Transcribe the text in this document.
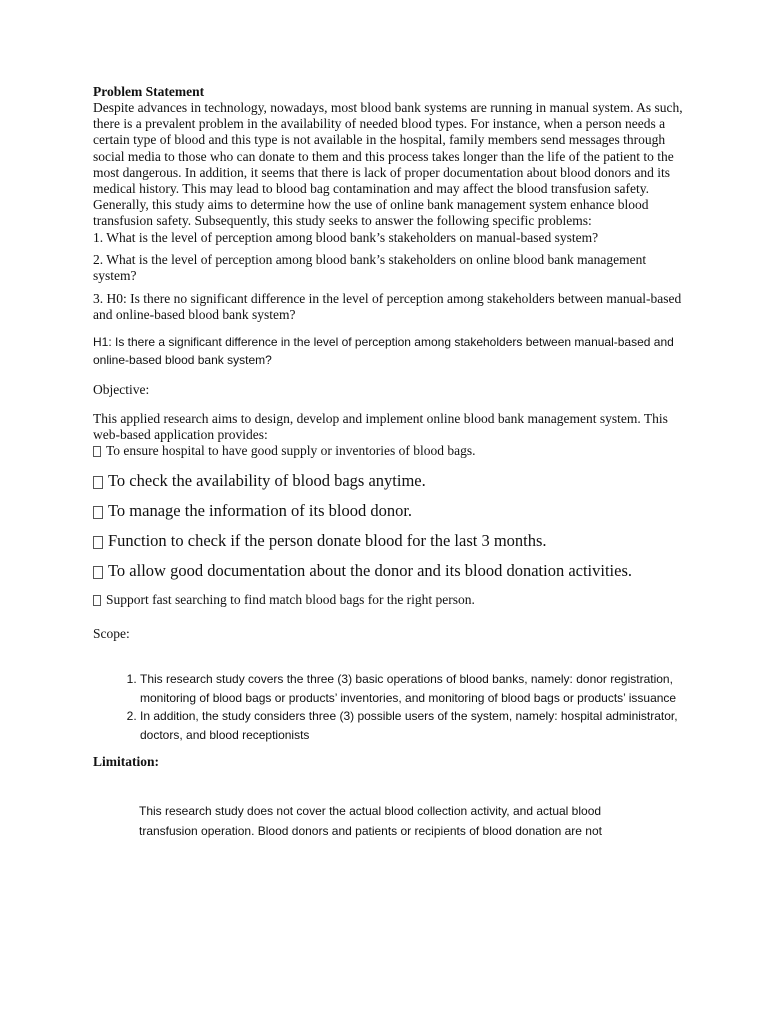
Problem Statement

Despite advances in technology, nowadays, most blood bank systems are running in manual system. As such, there is a prevalent problem in the availability of needed blood types. For instance, when a person needs a certain type of blood and this type is not available in the hospital, family members send messages through social media to those who can donate to them and this process takes longer than the life of the patient to the most dangerous. In addition, it seems that there is lack of proper documentation about blood donors and its medical history. This may lead to blood bag contamination and may affect the blood transfusion safety. Generally, this study aims to determine how the use of online bank management system enhance blood transfusion safety. Subsequently, this study seeks to answer the following specific problems:

1. What is the level of perception among blood bank’s stakeholders on manual-based system?

2. What is the level of perception among blood bank’s stakeholders on online blood bank management system?

3. H0: Is there no significant difference in the level of perception among stakeholders between manual-based and online-based blood bank system?

H1: Is there a significant difference in the level of perception among stakeholders between manual-based and online-based blood bank system?

Objective:

This applied research aims to design, develop and implement online blood bank management system. This web-based application provides:

To ensure hospital to have good supply or inventories of blood bags.
To check the availability of blood bags anytime.
To manage the information of its blood donor.
Function to check if the person donate blood for the last 3 months.
To allow good documentation about the donor and its blood donation activities.
Support fast searching to find match blood bags for the right person.

Scope:

1. This research study covers the three (3) basic operations of blood banks, namely: donor registration, monitoring of blood bags or products’ inventories, and monitoring of blood bags or products’ issuance
2. In addition, the study considers three (3) possible users of the system, namely: hospital administrator, doctors, and blood receptionists

Limitation:

This research study does not cover the actual blood collection activity, and actual blood transfusion operation. Blood donors and patients or recipients of blood donation are not
